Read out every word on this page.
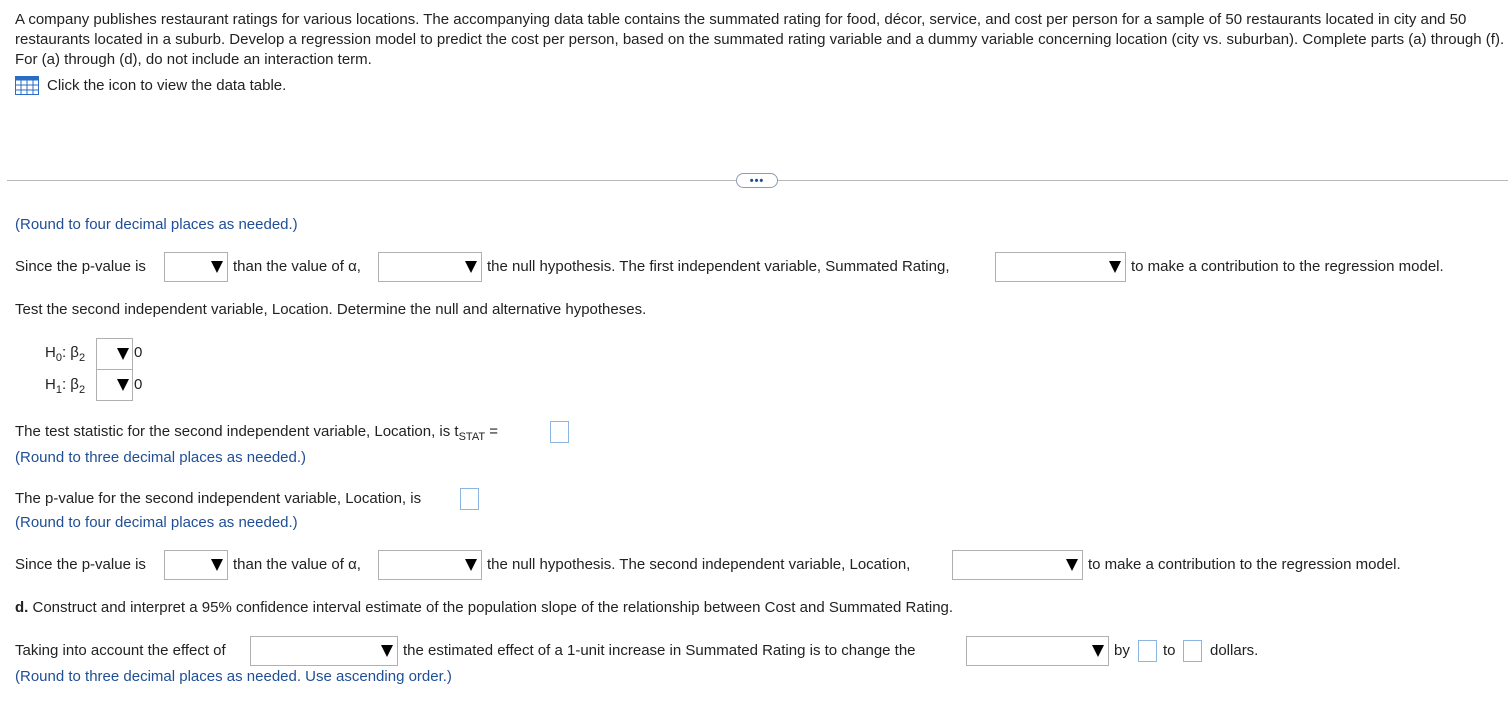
A company publishes restaurant ratings for various locations. The accompanying data table contains the summated rating for food, décor, service, and cost per person for a sample of 50 restaurants located in city and 50 restaurants located in a suburb. Develop a regression model to predict the cost per person, based on the summated rating variable and a dummy variable concerning location (city vs. suburban). Complete parts (a) through (f). For (a) through (d), do not include an interaction term.

Click the icon to view the data table.
•••
(Round to four decimal places as needed.)
Since the p-value is	than the value of α,	the null hypothesis. The first independent variable, Summated Rating,	to make a contribution to the regression model.
Test the second independent variable, Location. Determine the null and alternative hypotheses.
$H_0$: $\beta_2$	0
$H_1$: $\beta_2$	0
The test statistic for the second independent variable, Location, is $t_{STAT}$ =
(Round to three decimal places as needed.)
The p-value for the second independent variable, Location, is
(Round to four decimal places as needed.)
Since the p-value is	than the value of α,	the null hypothesis. The second independent variable, Location,	to make a contribution to the regression model.
d. Construct and interpret a 95% confidence interval estimate of the population slope of the relationship between Cost and Summated Rating.
Taking into account the effect of	the estimated effect of a 1-unit increase in Summated Rating is to change the	by to dollars.
(Round to three decimal places as needed. Use ascending order.)
